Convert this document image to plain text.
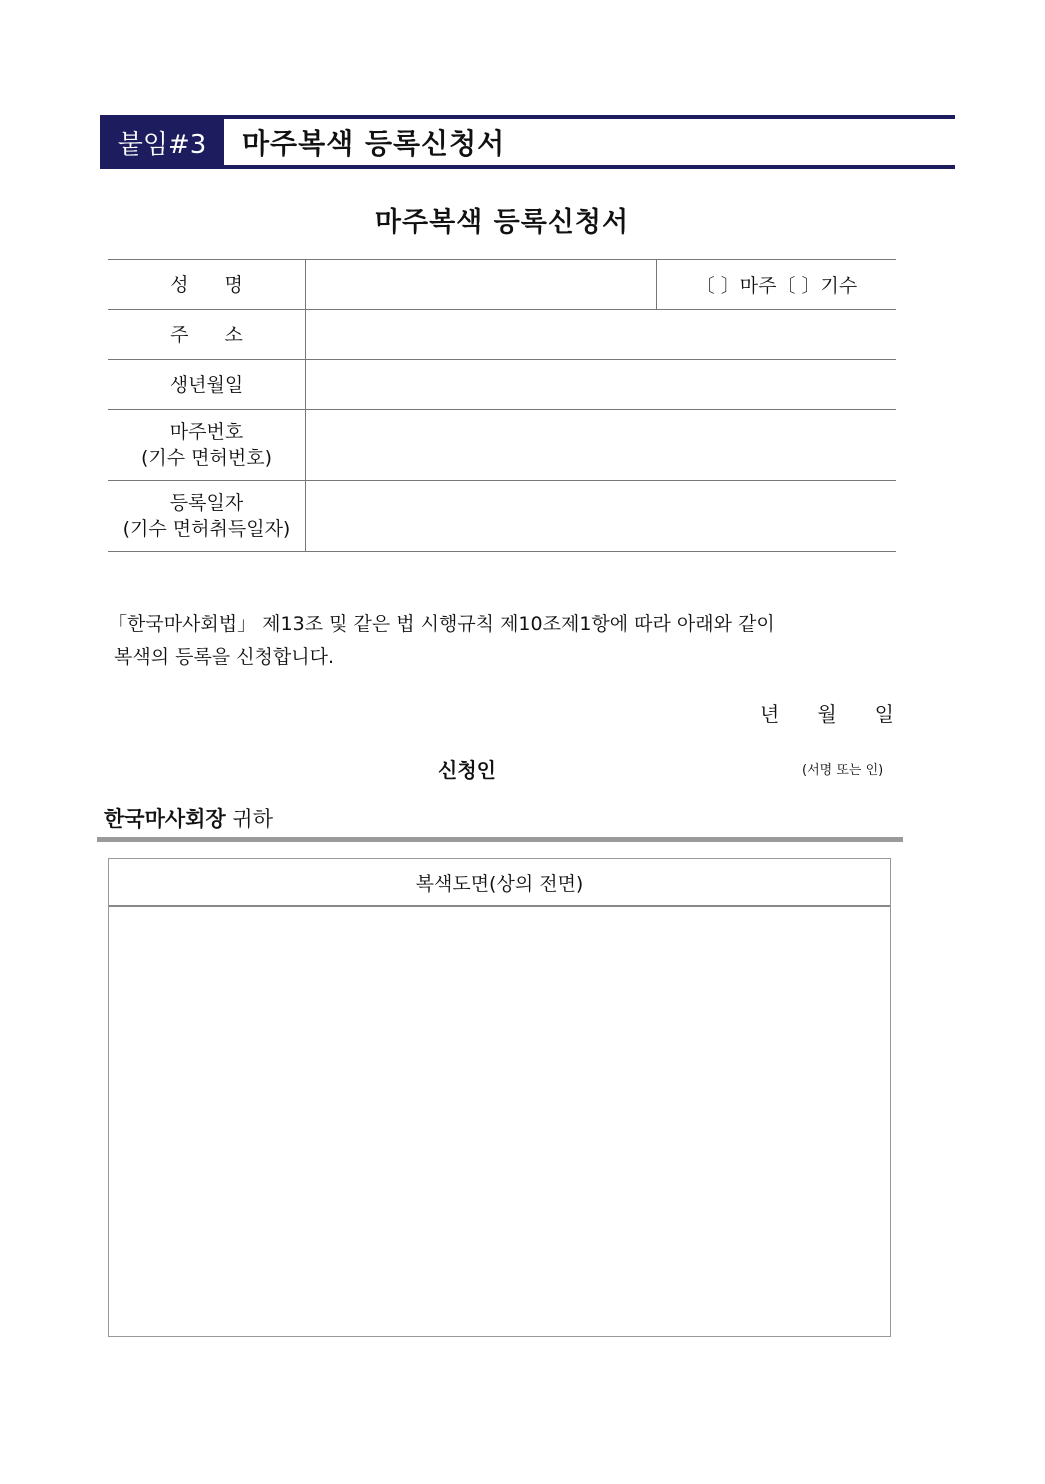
붙임#3	마주복색 등록신청서
마주복색 등록신청서
성명		〔 〕마주〔 〕기수
주소		
생년월일		

마주번호
(기수 면허번호)		

등록일자
(기수 면허취득일자)		

「한국마사회법」 제13조 및 같은 법 시행규칙 제10조제1항에 따라 아래와 같이

복색의 등록을 신청합니다.

년월일
신청인	(서명 또는 인)
한국마사회장 귀하
복색도면(상의 전면)
